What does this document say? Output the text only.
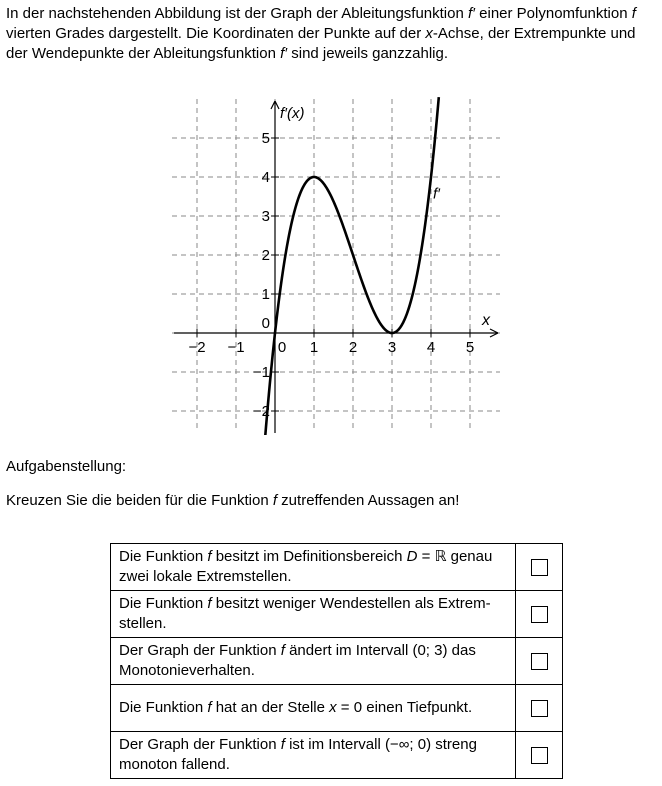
In der nachstehenden Abbildung ist der Graph der Ableitungsfunktion f′ einer Polynomfunktion f vierten Grades dargestellt. Die Koordinaten der Punkte auf der x-Achse, der Extrempunkte und der Wendepunkte der Ableitungsfunktion f′ sind jeweils ganzzahlig.

−2 −1 0 1 2 3 4 5
−2
−1
0
1
2
3
4
5
x
f′(x)
f′

Aufgabenstellung:

Kreuzen Sie die beiden für die Funktion f zutreffenden Aussagen an!

Die Funktion f besitzt im Definitionsbereich D = ℝ genau zwei lokale Extremstellen.	
Die Funktion f besitzt weniger Wendestellen als Extremstellen.	
Der Graph der Funktion f ändert im Intervall (0; 3) das Monotonieverhalten.	
Die Funktion f hat an der Stelle x = 0 einen Tiefpunkt.	
Der Graph der Funktion f ist im Intervall (−∞; 0) streng monoton fallend.	
